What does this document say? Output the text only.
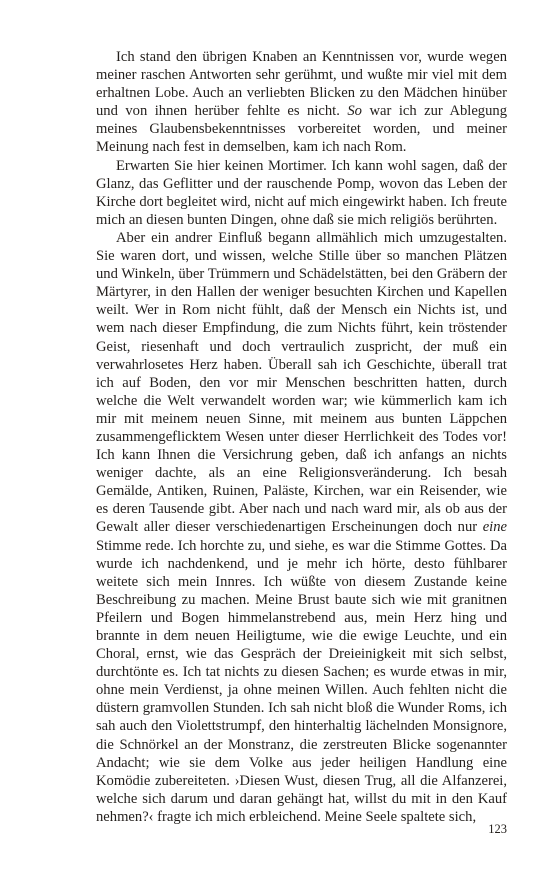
Ich stand den übrigen Knaben an Kenntnissen vor, wurde wegen meiner raschen Antworten sehr gerühmt, und wußte mir viel mit dem erhaltnen Lobe. Auch an verliebten Blicken zu den Mädchen hinüber und von ihnen herüber fehlte es nicht. So war ich zur Ablegung meines Glaubensbekenntnisses vorbereitet worden, und meiner Meinung nach fest in demselben, kam ich nach Rom.

Erwarten Sie hier keinen Mortimer. Ich kann wohl sagen, daß der Glanz, das Geflitter und der rauschende Pomp, wovon das Leben der Kirche dort begleitet wird, nicht auf mich eingewirkt haben. Ich freute mich an diesen bunten Dingen, ohne daß sie mich religiös berührten.

Aber ein andrer Einfluß begann allmählich mich umzugestalten. Sie waren dort, und wissen, welche Stille über so manchen Plätzen und Winkeln, über Trümmern und Schädelstätten, bei den Gräbern der Märtyrer, in den Hallen der weniger besuchten Kirchen und Kapellen weilt. Wer in Rom nicht fühlt, daß der Mensch ein Nichts ist, und wem nach dieser Empfindung, die zum Nichts führt, kein tröstender Geist, riesenhaft und doch vertraulich zuspricht, der muß ein verwahrlosetes Herz haben. Überall sah ich Geschichte, überall trat ich auf Boden, den vor mir Menschen beschritten hatten, durch welche die Welt verwandelt worden war; wie kümmerlich kam ich mir mit meinem neuen Sinne, mit meinem aus bunten Läppchen zusammengeflicktem Wesen unter dieser Herrlichkeit des Todes vor! Ich kann Ihnen die Versichrung geben, daß ich anfangs an nichts weniger dachte, als an eine Religionsveränderung. Ich besah Gemälde, Antiken, Ruinen, Paläste, Kirchen, war ein Reisender, wie es deren Tausende gibt. Aber nach und nach ward mir, als ob aus der Gewalt aller dieser verschiedenartigen Erscheinungen doch nur eine Stimme rede. Ich horchte zu, und siehe, es war die Stimme Gottes. Da wurde ich nachdenkend, und je mehr ich hörte, desto fühlbarer weitete sich mein Innres. Ich wüßte von diesem Zustande keine Beschreibung zu machen. Meine Brust baute sich wie mit granitnen Pfeilern und Bogen himmelanstrebend aus, mein Herz hing und brannte in dem neuen Heiligtume, wie die ewige Leuchte, und ein Choral, ernst, wie das Gespräch der Dreieinigkeit mit sich selbst, durchtönte es. Ich tat nichts zu diesen Sachen; es wurde etwas in mir, ohne mein Verdienst, ja ohne meinen Willen. Auch fehlten nicht die düstern gramvollen Stunden. Ich sah nicht bloß die Wunder Roms, ich sah auch den Violettstrumpf, den hinterhaltig lächelnden Monsignore, die Schnörkel an der Monstranz, die zerstreuten Blicke sogenannter Andacht; wie sie dem Volke aus jeder heiligen Handlung eine Komödie zubereiteten. ›Diesen Wust, diesen Trug, all die Alfanzerei, welche sich darum und daran gehängt hat, willst du mit in den Kauf nehmen?‹ fragte ich mich erbleichend. Meine Seele spaltete sich,

123
